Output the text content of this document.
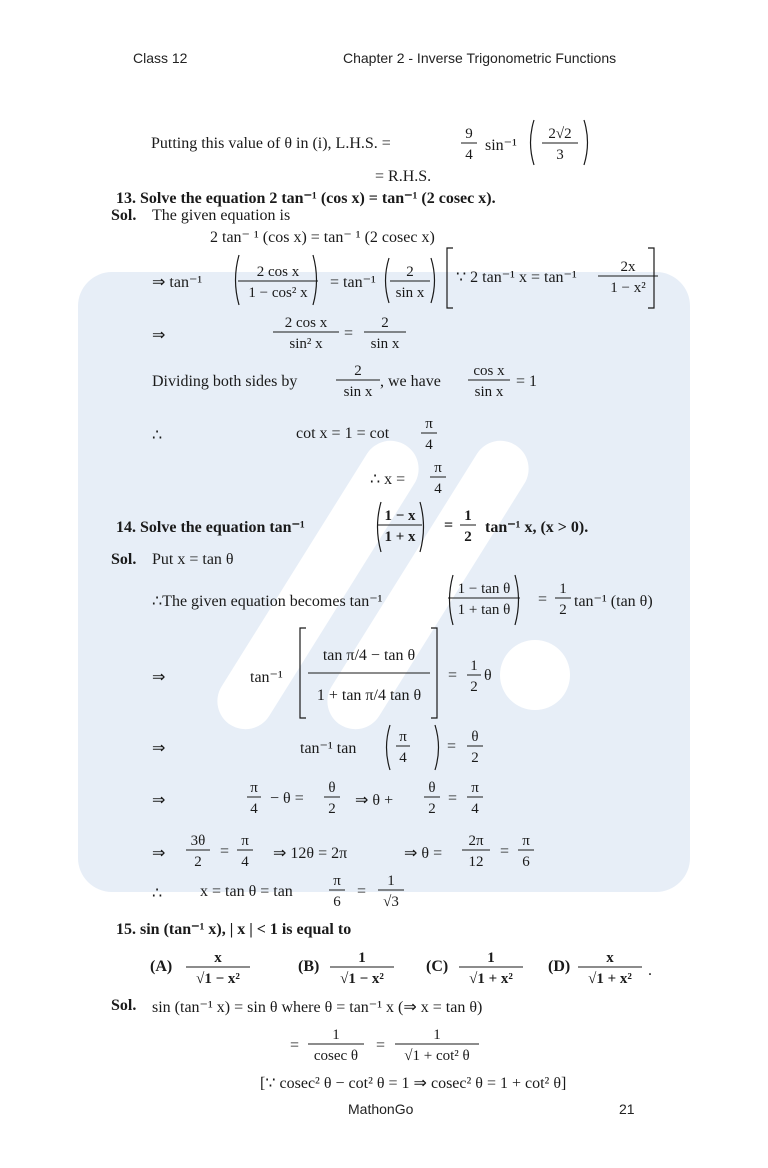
Class 12	Chapter 2 - Inverse Trigonometric Functions
MathonGo	21
Putting this value of θ in (i), L.H.S. =	sin⁻¹
= R.H.S.
13. Solve the equation 2 tan⁻¹ (cos x) = tan⁻¹ (2 cosec x).
Sol. The given equation is
2 tan⁻ ¹ (cos x) = tan⁻ ¹ (2 cosec x)
⇒ tan⁻¹	= tan⁻¹	∵ 2 tan⁻¹ x = tan⁻¹
⇒	=
Dividing both sides by	, we have	= 1
∴	cot x = 1 = cot
∴ x =
14. Solve the equation tan⁻¹	tan⁻¹ x, (x > 0).
=
Sol. Put x = tan θ
∴The given equation becomes tan⁻¹	= tan⁻¹ (tan θ)
⇒	tan⁻¹	= θ
⇒	tan⁻¹ tan	=
⇒	− θ =	⇒ θ +	=
⇒	=	⇒ 12θ = 2π	⇒ θ =	=
∴ x = tan θ = tan	=
15. sin (tan⁻¹ x), | x | < 1 is equal to
(A)	(B)	(C)	(D)
Sol. sin (tan⁻¹ x) = sin θ where θ = tan⁻¹ x (⇒ x = tan θ)
=	=
[∵ cosec² θ − cot² θ = 1 ⇒ cosec² θ = 1 + cot² θ]
9
4
2√2
3
2 cos x
1 − cos² x
2
sin x
2x
1 − x²
2 cos x
sin² x
2
sin x
2
sin x
cos x
sin x
π
4
π
4
1 − x
1 + x
1
2
1 − tan θ
1 + tan θ
1
2
tan π/4 − tan θ
1 + tan π/4 tan θ
1
2
π
4
θ
2
π
4
θ
2
θ
2
π
4
3θ
2
π
4
2π
12
π
6
π
6
1
√3
x
√1 − x²
1
√1 − x²
1
√1 + x²
x
√1 + x² .
1
cosec θ
1
√1 + cot² θ
